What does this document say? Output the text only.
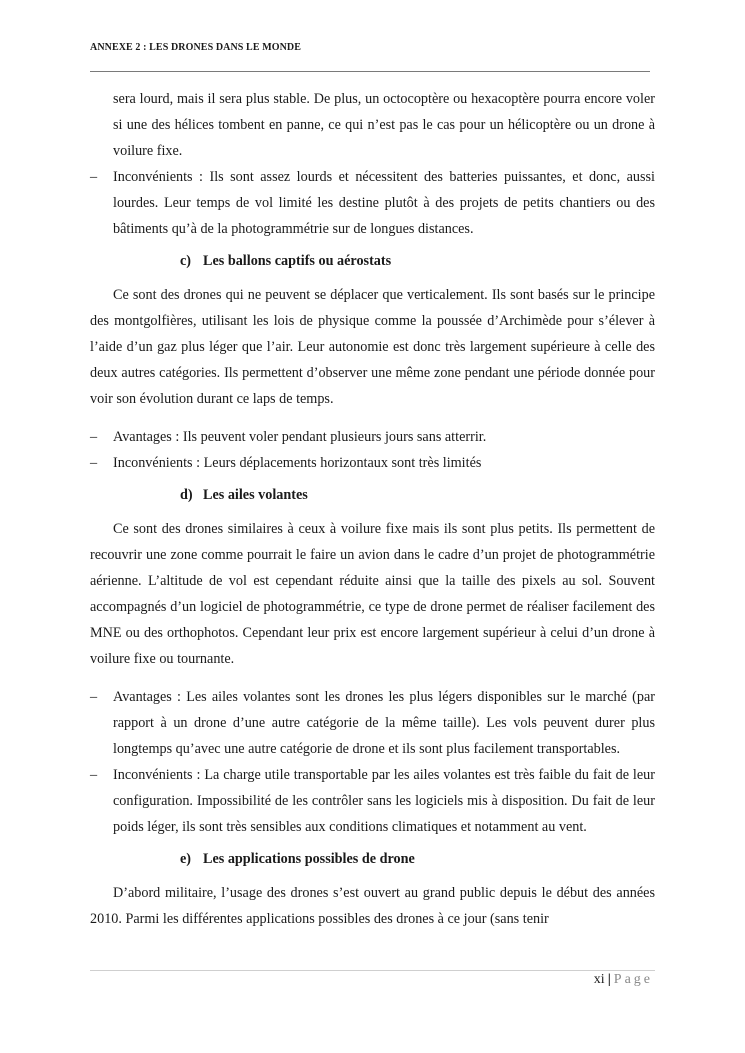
ANNEXE 2 : LES DRONES DANS LE MONDE

sera lourd, mais il sera plus stable. De plus, un octocoptère ou hexacoptère pourra encore voler si une des hélices tombent en panne, ce qui n’est pas le cas pour un hélicoptère ou un drone à voilure fixe.

– Inconvénients : Ils sont assez lourds et nécessitent des batteries puissantes, et donc, aussi lourdes. Leur temps de vol limité les destine plutôt à des projets de petits chantiers ou des bâtiments qu’à de la photogrammétrie sur de longues distances.

c) Les ballons captifs ou aérostats

Ce sont des drones qui ne peuvent se déplacer que verticalement. Ils sont basés sur le principe des montgolfières, utilisant les lois de physique comme la poussée d’Archimède pour s’élever à l’aide d’un gaz plus léger que l’air. Leur autonomie est donc très largement supérieure à celle des deux autres catégories. Ils permettent d’observer une même zone pendant une période donnée pour voir son évolution durant ce laps de temps.

– Avantages : Ils peuvent voler pendant plusieurs jours sans atterrir.
– Inconvénients : Leurs déplacements horizontaux sont très limités

d) Les ailes volantes

Ce sont des drones similaires à ceux à voilure fixe mais ils sont plus petits. Ils permettent de recouvrir une zone comme pourrait le faire un avion dans le cadre d’un projet de photogrammétrie aérienne. L’altitude de vol est cependant réduite ainsi que la taille des pixels au sol. Souvent accompagnés d’un logiciel de photogrammétrie, ce type de drone permet de réaliser facilement des MNE ou des orthophotos. Cependant leur prix est encore largement supérieur à celui d’un drone à voilure fixe ou tournante.

– Avantages : Les ailes volantes sont les drones les plus légers disponibles sur le marché (par rapport à un drone d’une autre catégorie de la même taille). Les vols peuvent durer plus longtemps qu’avec une autre catégorie de drone et ils sont plus facilement transportables.
– Inconvénients : La charge utile transportable par les ailes volantes est très faible du fait de leur configuration. Impossibilité de les contrôler sans les logiciels mis à disposition. Du fait de leur poids léger, ils sont très sensibles aux conditions climatiques et notamment au vent.

e) Les applications possibles de drone

D’abord militaire, l’usage des drones s’est ouvert au grand public depuis le début des années 2010. Parmi les différentes applications possibles des drones à ce jour (sans tenir

xi | Page
